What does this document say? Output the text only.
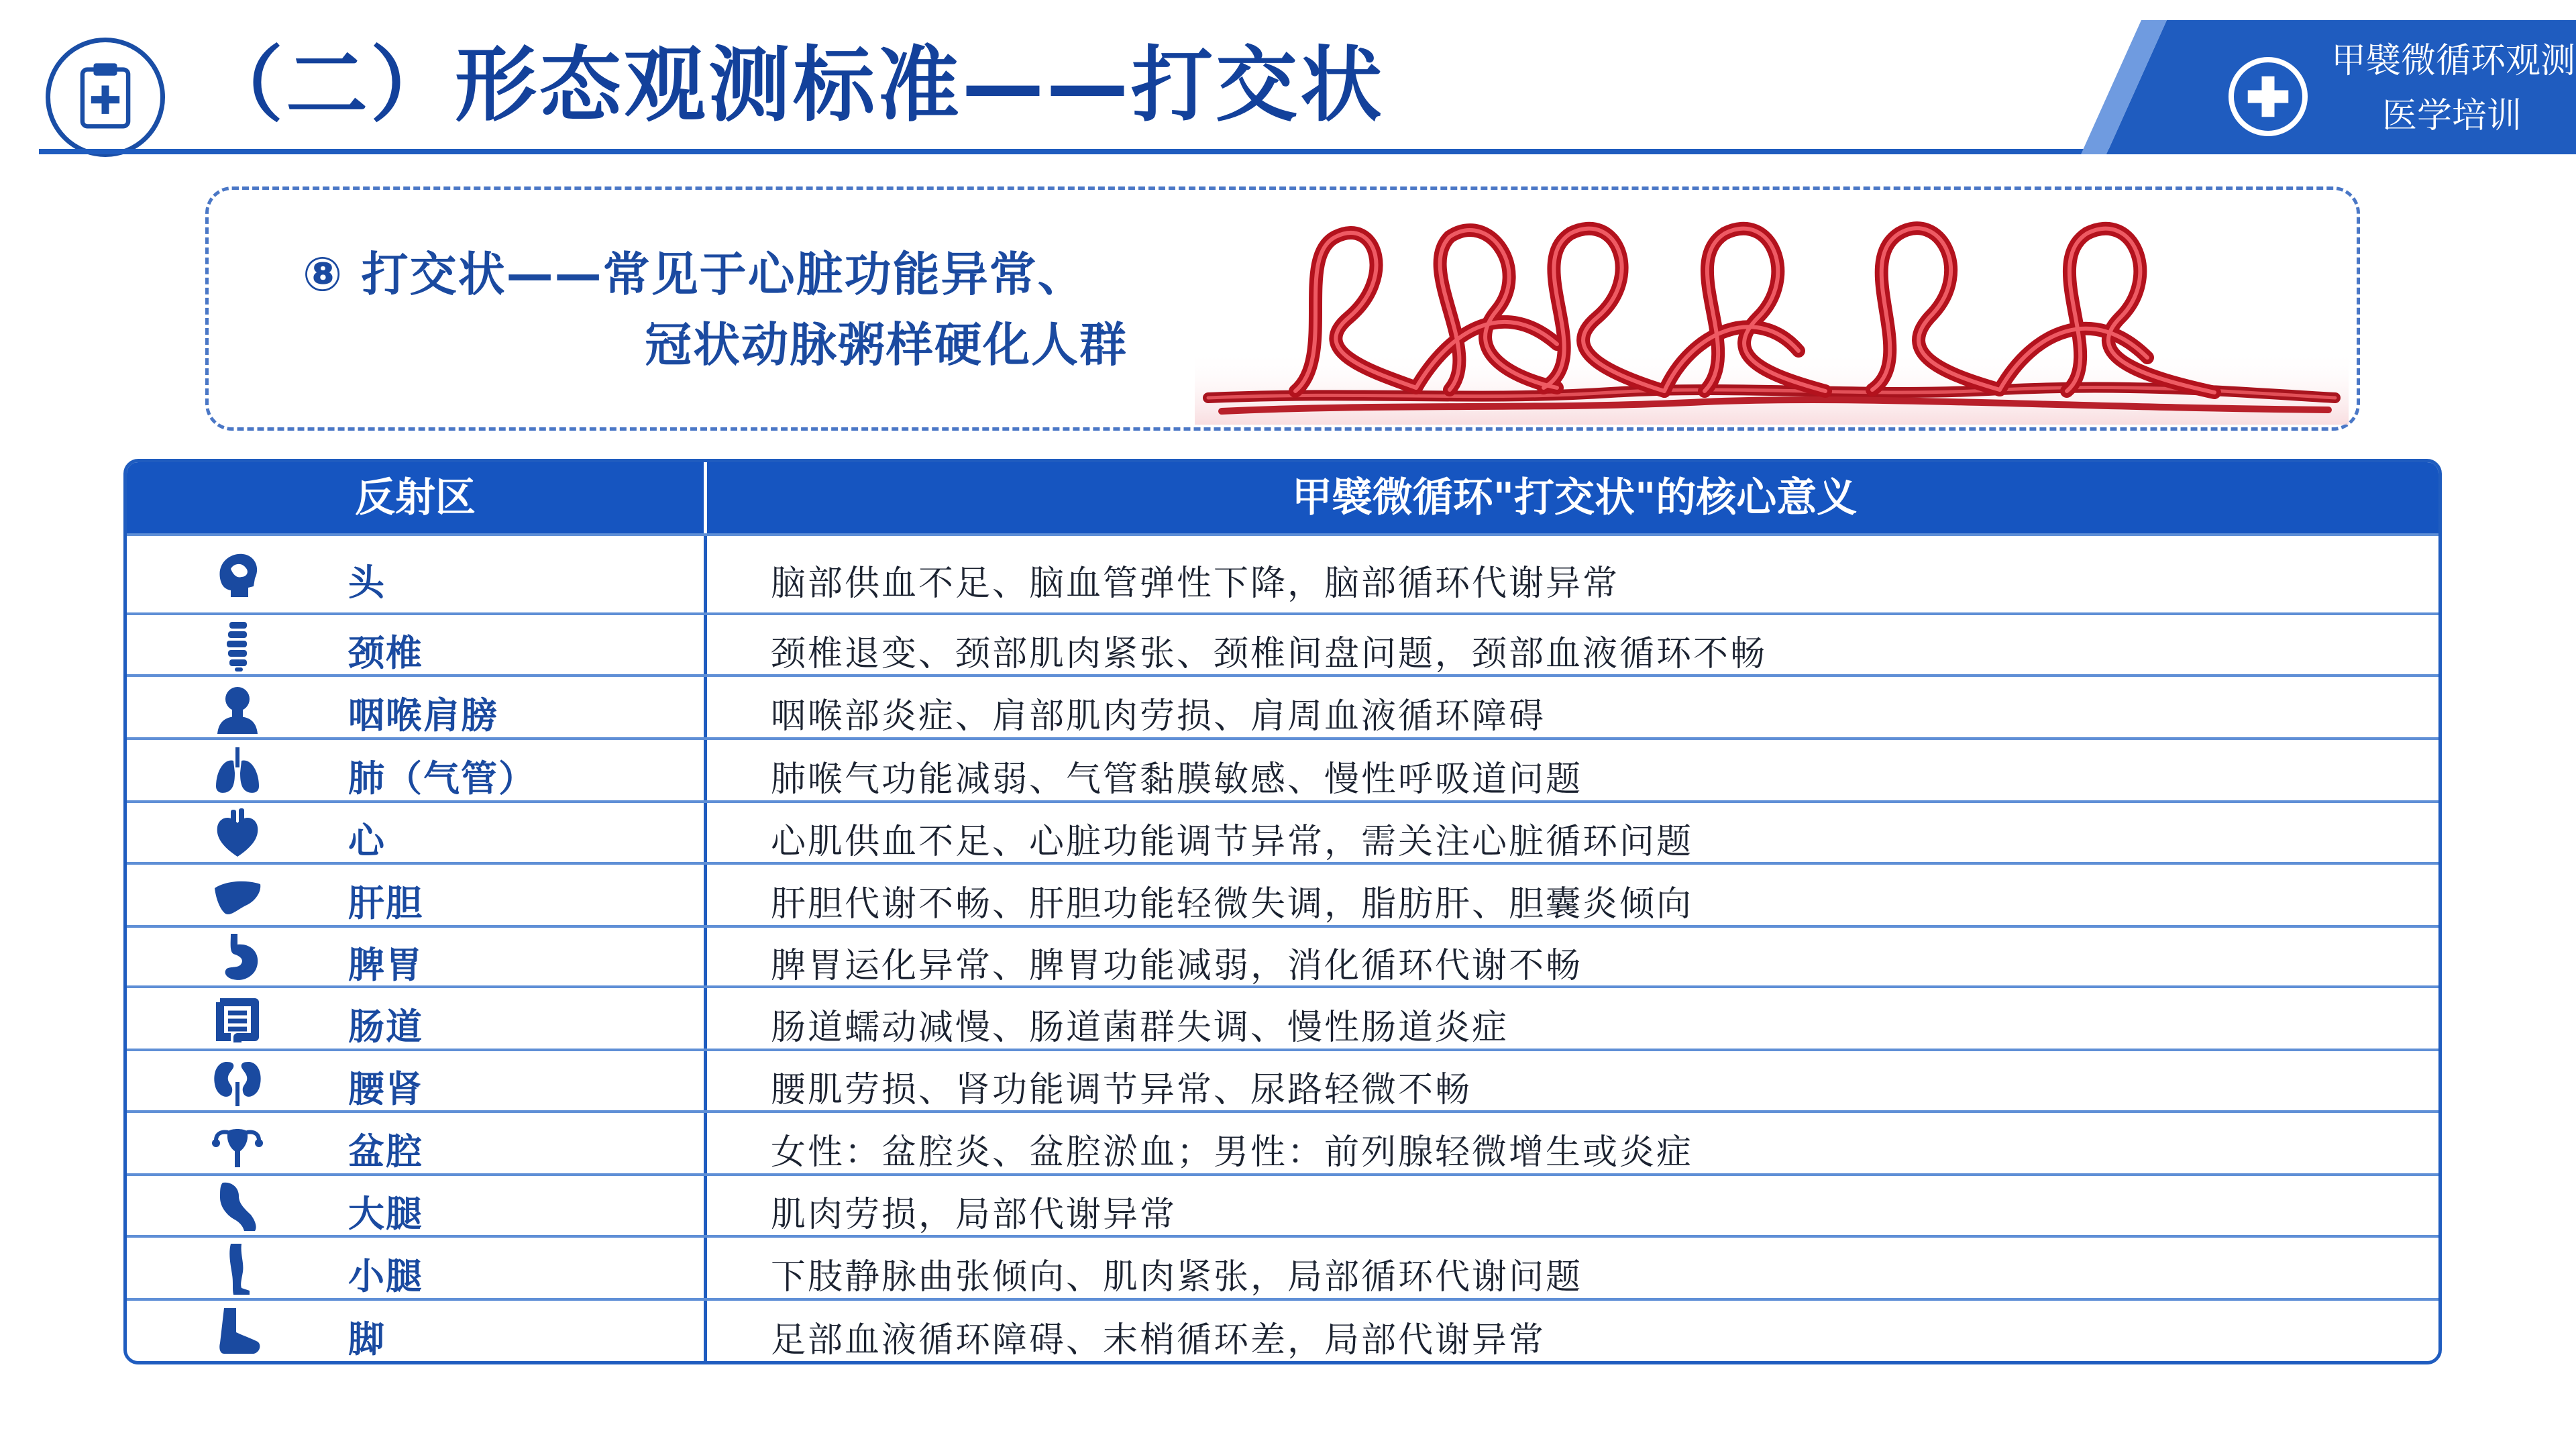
（二）形态观测标准——打交状	甲襞微循环观测
医学培训
⑧ 打交状——常见于心脏功能异常、
冠状动脉粥样硬化人群
反射区	甲襞微循环"打交状"的核心意义
头	脑部供血不足、脑血管弹性下降，脑部循环代谢异常
颈椎	颈椎退变、颈部肌肉紧张、颈椎间盘问题，颈部血液循环不畅
咽喉肩膀	咽喉部炎症、肩部肌肉劳损、肩周血液循环障碍
肺（气管）	肺喉气功能减弱、气管黏膜敏感、慢性呼吸道问题
心	心肌供血不足、心脏功能调节异常，需关注心脏循环问题
肝胆	肝胆代谢不畅、肝胆功能轻微失调，脂肪肝、胆囊炎倾向
脾胃	脾胃运化异常、脾胃功能减弱，消化循环代谢不畅
肠道	肠道蠕动减慢、肠道菌群失调、慢性肠道炎症
腰肾	腰肌劳损、肾功能调节异常、尿路轻微不畅
盆腔	女性：盆腔炎、盆腔淤血；男性：前列腺轻微增生或炎症
大腿	肌肉劳损，局部代谢异常
小腿	下肢静脉曲张倾向、肌肉紧张，局部循环代谢问题
脚	足部血液循环障碍、末梢循环差，局部代谢异常
